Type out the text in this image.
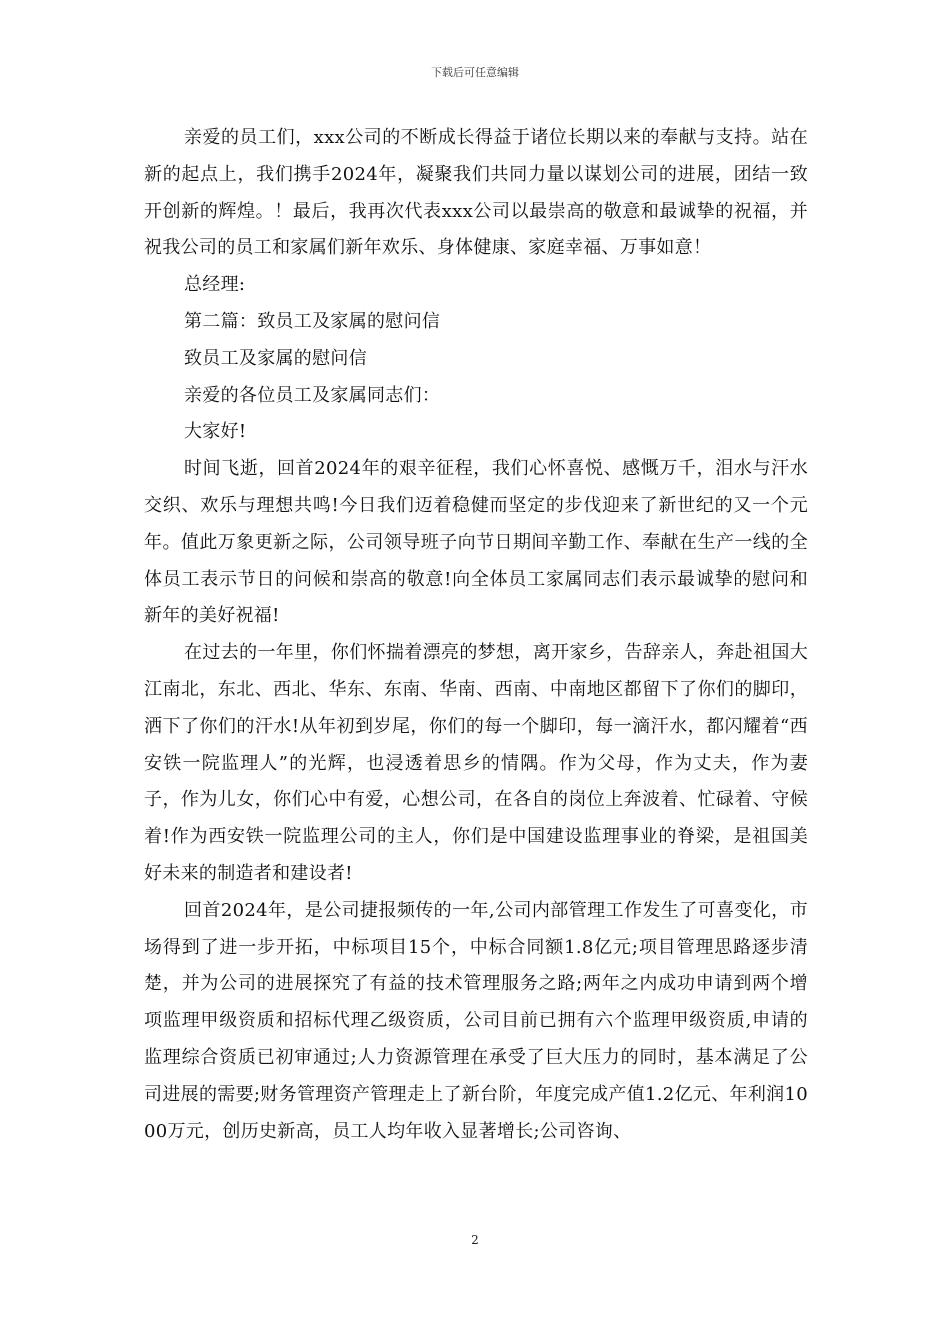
下载后可任意编辑

亲爱的员工们，xxx公司的不断成长得益于诸位长期以来的奉献与支持。站在新的起点上，我们携手2024年，凝聚我们共同力量以谋划公司的进展，团结一致开创新的辉煌。！最后，我再次代表xxx公司以最崇高的敬意和最诚挚的祝福，并祝我公司的员工和家属们新年欢乐、身体健康、家庭幸福、万事如意！

总经理:

第二篇：致员工及家属的慰问信

致员工及家属的慰问信

亲爱的各位员工及家属同志们：

大家好!

时间飞逝，回首2024年的艰辛征程，我们心怀喜悦、感慨万千，泪水与汗水交织、欢乐与理想共鸣!今日我们迈着稳健而坚定的步伐迎来了新世纪的又一个元年。值此万象更新之际，公司领导班子向节日期间辛勤工作、奉献在生产一线的全体员工表示节日的问候和崇高的敬意!向全体员工家属同志们表示最诚挚的慰问和新年的美好祝福!

在过去的一年里，你们怀揣着漂亮的梦想，离开家乡，告辞亲人，奔赴祖国大江南北，东北、西北、华东、东南、华南、西南、中南地区都留下了你们的脚印，洒下了你们的汗水!从年初到岁尾，你们的每一个脚印，每一滴汗水，都闪耀着“西安铁一院监理人”的光辉，也浸透着思乡的情隅。作为父母，作为丈夫，作为妻子，作为儿女，你们心中有爱，心想公司，在各自的岗位上奔波着、忙碌着、守候着!作为西安铁一院监理公司的主人，你们是中国建设监理事业的脊梁，是祖国美好未来的制造者和建设者!

回首2024年，是公司捷报频传的一年,公司内部管理工作发生了可喜变化，市场得到了进一步开拓，中标项目15个，中标合同额1.8亿元;项目管理思路逐步清楚，并为公司的进展探究了有益的技术管理服务之路;两年之内成功申请到两个增项监理甲级资质和招标代理乙级资质，公司目前已拥有六个监理甲级资质,申请的监理综合资质已初审通过;人力资源管理在承受了巨大压力的同时，基本满足了公司进展的需要;财务管理资产管理走上了新台阶，年度完成产值1.2亿元、年利润1000万元，创历史新高，员工人均年收入显著增长;公司咨询、

2
